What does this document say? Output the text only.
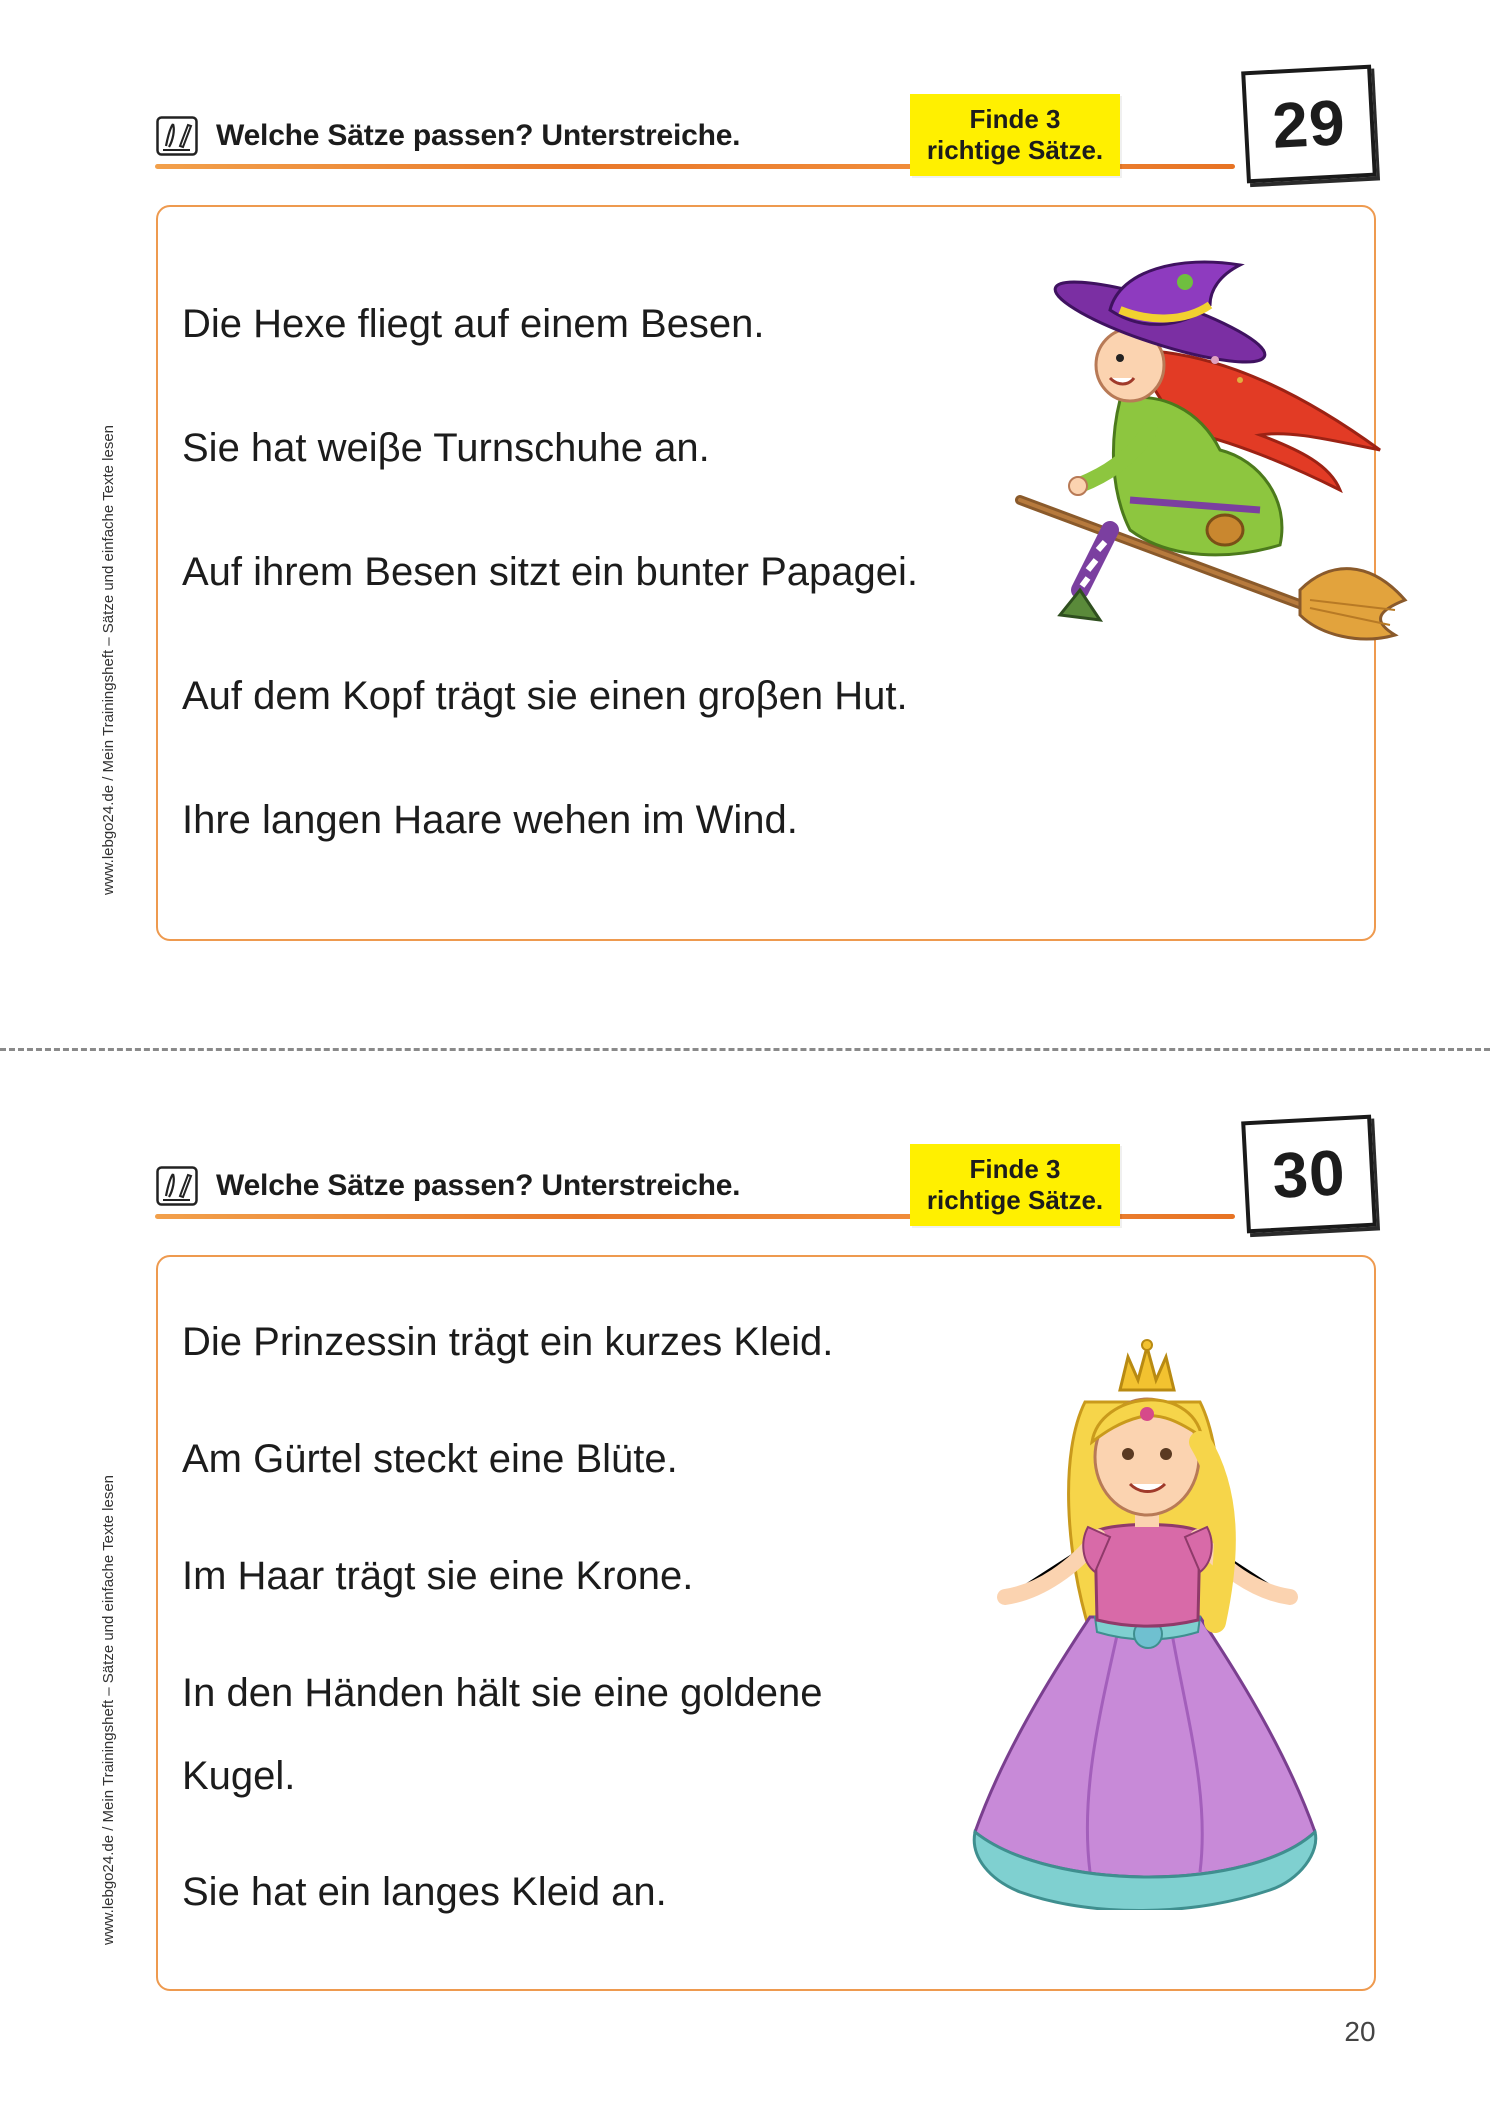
www.lebgo24.de / Mein Trainingsheft – Sätze und einfache Texte lesen
Welche Sätze passen? Unterstreiche.	Finde 3
richtige Sätze.	29
Die Hexe fliegt auf einem Besen.
Sie hat weiβe Turnschuhe an.
Auf ihrem Besen sitzt ein bunter Papagei.
Auf dem Kopf trägt sie einen groβen Hut.
Ihre langen Haare wehen im Wind.
www.lebgo24.de / Mein Trainingsheft – Sätze und einfache Texte lesen
Welche Sätze passen? Unterstreiche.	Finde 3
richtige Sätze.	30
Die Prinzessin trägt ein kurzes Kleid.
Am Gürtel steckt eine Blüte.
Im Haar trägt sie eine Krone.
In den Händen hält sie eine goldene
Kugel.
Sie hat ein langes Kleid an.
20
